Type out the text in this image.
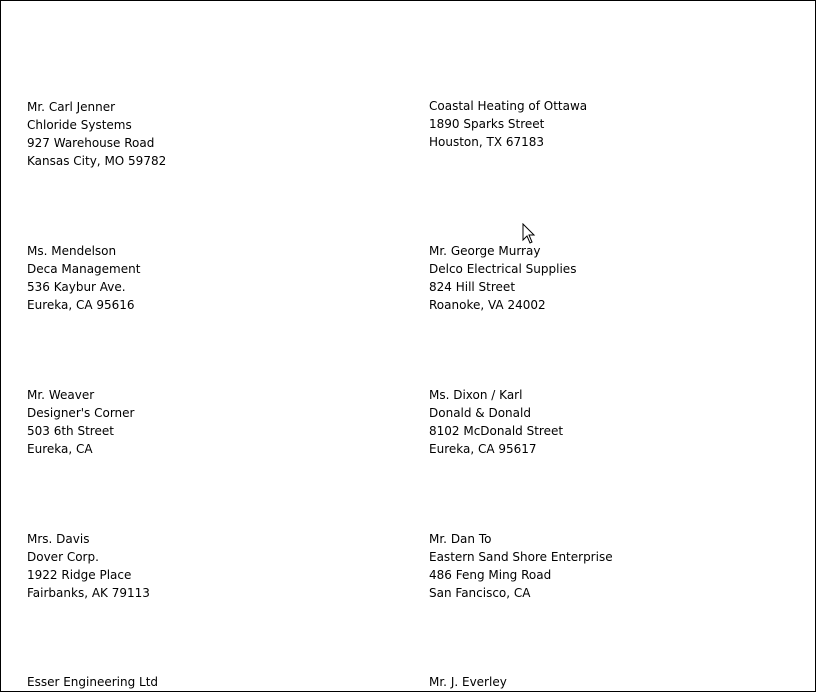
Mr. Carl Jenner
Chloride Systems
927 Warehouse Road
Kansas City, MO 59782
Coastal Heating of Ottawa
1890 Sparks Street
Houston, TX 67183
Ms. Mendelson
Deca Management
536 Kaybur Ave.
Eureka, CA 95616
Mr. George Murray
Delco Electrical Supplies
824 Hill Street
Roanoke, VA 24002
Mr. Weaver
Designer's Corner
503 6th Street
Eureka, CA
Ms. Dixon / Karl
Donald & Donald
8102 McDonald Street
Eureka, CA 95617
Mrs. Davis
Dover Corp.
1922 Ridge Place
Fairbanks, AK 79113
Mr. Dan To
Eastern Sand Shore Enterprise
486 Feng Ming Road
San Fancisco, CA
Esser Engineering Ltd	Mr. J. Everley
